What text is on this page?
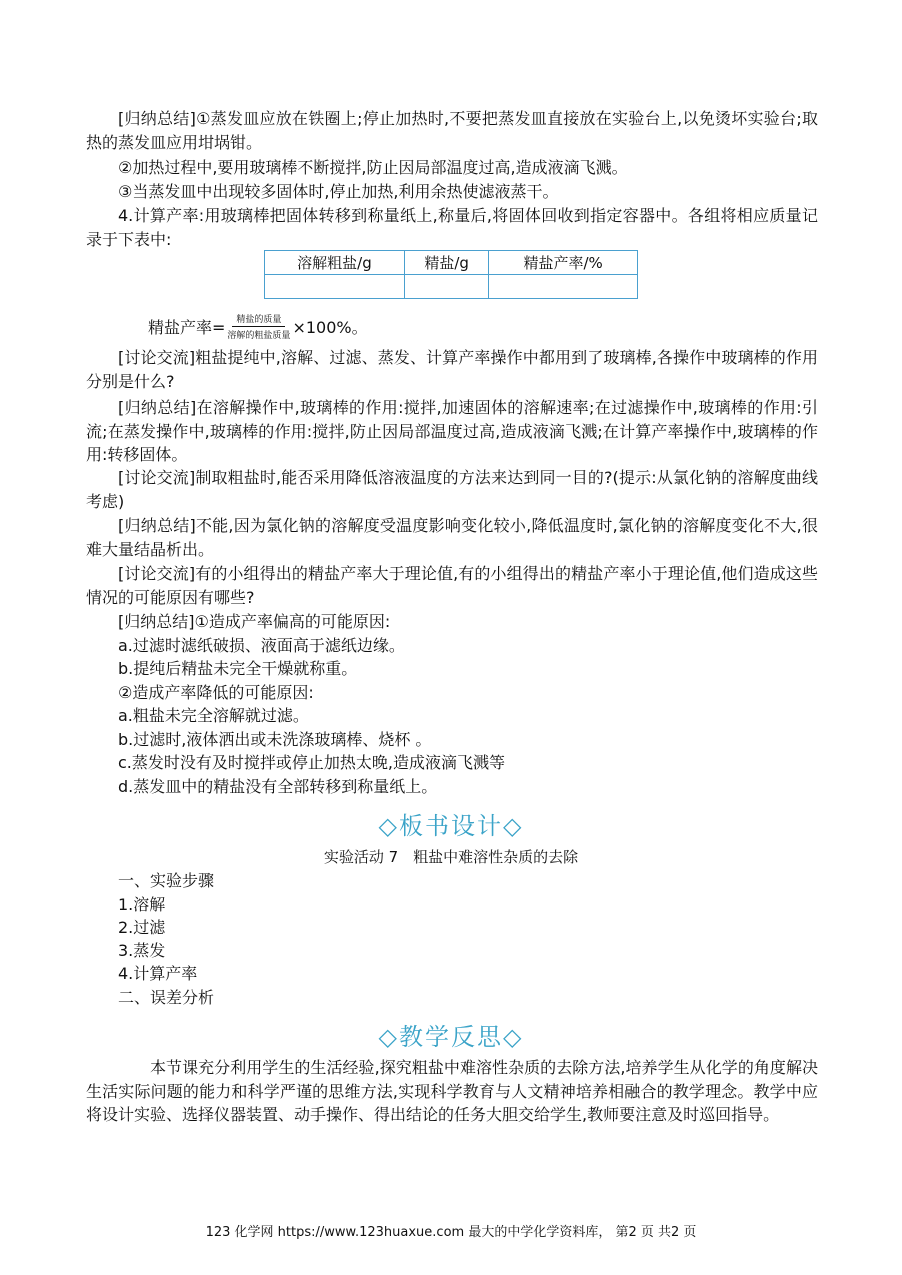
[归纳总结]①蒸发皿应放在铁圈上;停止加热时,不要把蒸发皿直接放在实验台上,以免烫坏实验台;取热的蒸发皿应用坩埚钳。

②加热过程中,要用玻璃棒不断搅拌,防止因局部温度过高,造成液滴飞溅。

③当蒸发皿中出现较多固体时,停止加热,利用余热使滤液蒸干。

4.计算产率:用玻璃棒把固体转移到称量纸上,称量后,将固体回收到指定容器中。各组将相应质量记录于下表中:

溶解粗盐/g	精盐/g	精盐产率/%

精盐产率= $\frac{\text{精盐的质量}}{\text{溶解的粗盐质量}} \times 100\%$。

[讨论交流]粗盐提纯中,溶解、过滤、蒸发、计算产率操作中都用到了玻璃棒,各操作中玻璃棒的作用分别是什么?

[归纳总结]在溶解操作中,玻璃棒的作用:搅拌,加速固体的溶解速率;在过滤操作中,玻璃棒的作用:引流;在蒸发操作中,玻璃棒的作用:搅拌,防止因局部温度过高,造成液滴飞溅;在计算产率操作中,玻璃棒的作用:转移固体。

[讨论交流]制取粗盐时,能否采用降低溶液温度的方法来达到同一目的?(提示:从氯化钠的溶解度曲线考虑)

[归纳总结]不能,因为氯化钠的溶解度受温度影响变化较小,降低温度时,氯化钠的溶解度变化不大,很难大量结晶析出。

[讨论交流]有的小组得出的精盐产率大于理论值,有的小组得出的精盐产率小于理论值,他们造成这些情况的可能原因有哪些?

[归纳总结]①造成产率偏高的可能原因:

a.过滤时滤纸破损、液面高于滤纸边缘。

b.提纯后精盐未完全干燥就称重。

②造成产率降低的可能原因:

a.粗盐未完全溶解就过滤。

b.过滤时,液体洒出或未洗涤玻璃棒、烧杯 。

c.蒸发时没有及时搅拌或停止加热太晚,造成液滴飞溅等

d.蒸发皿中的精盐没有全部转移到称量纸上。

◇板书设计◇

实验活动 7　粗盐中难溶性杂质的去除

一、实验步骤

1.溶解

2.过滤

3.蒸发

4.计算产率

二、误差分析

◇教学反思◇

本节课充分利用学生的生活经验,探究粗盐中难溶性杂质的去除方法,培养学生从化学的角度解决生活实际问题的能力和科学严谨的思维方法,实现科学教育与人文精神培养相融合的教学理念。教学中应将设计实验、选择仪器装置、动手操作、得出结论的任务大胆交给学生,教师要注意及时巡回指导。

123 化学网 https://www.123huaxue.com 最大的中学化学资料库， 第2 页 共2 页
